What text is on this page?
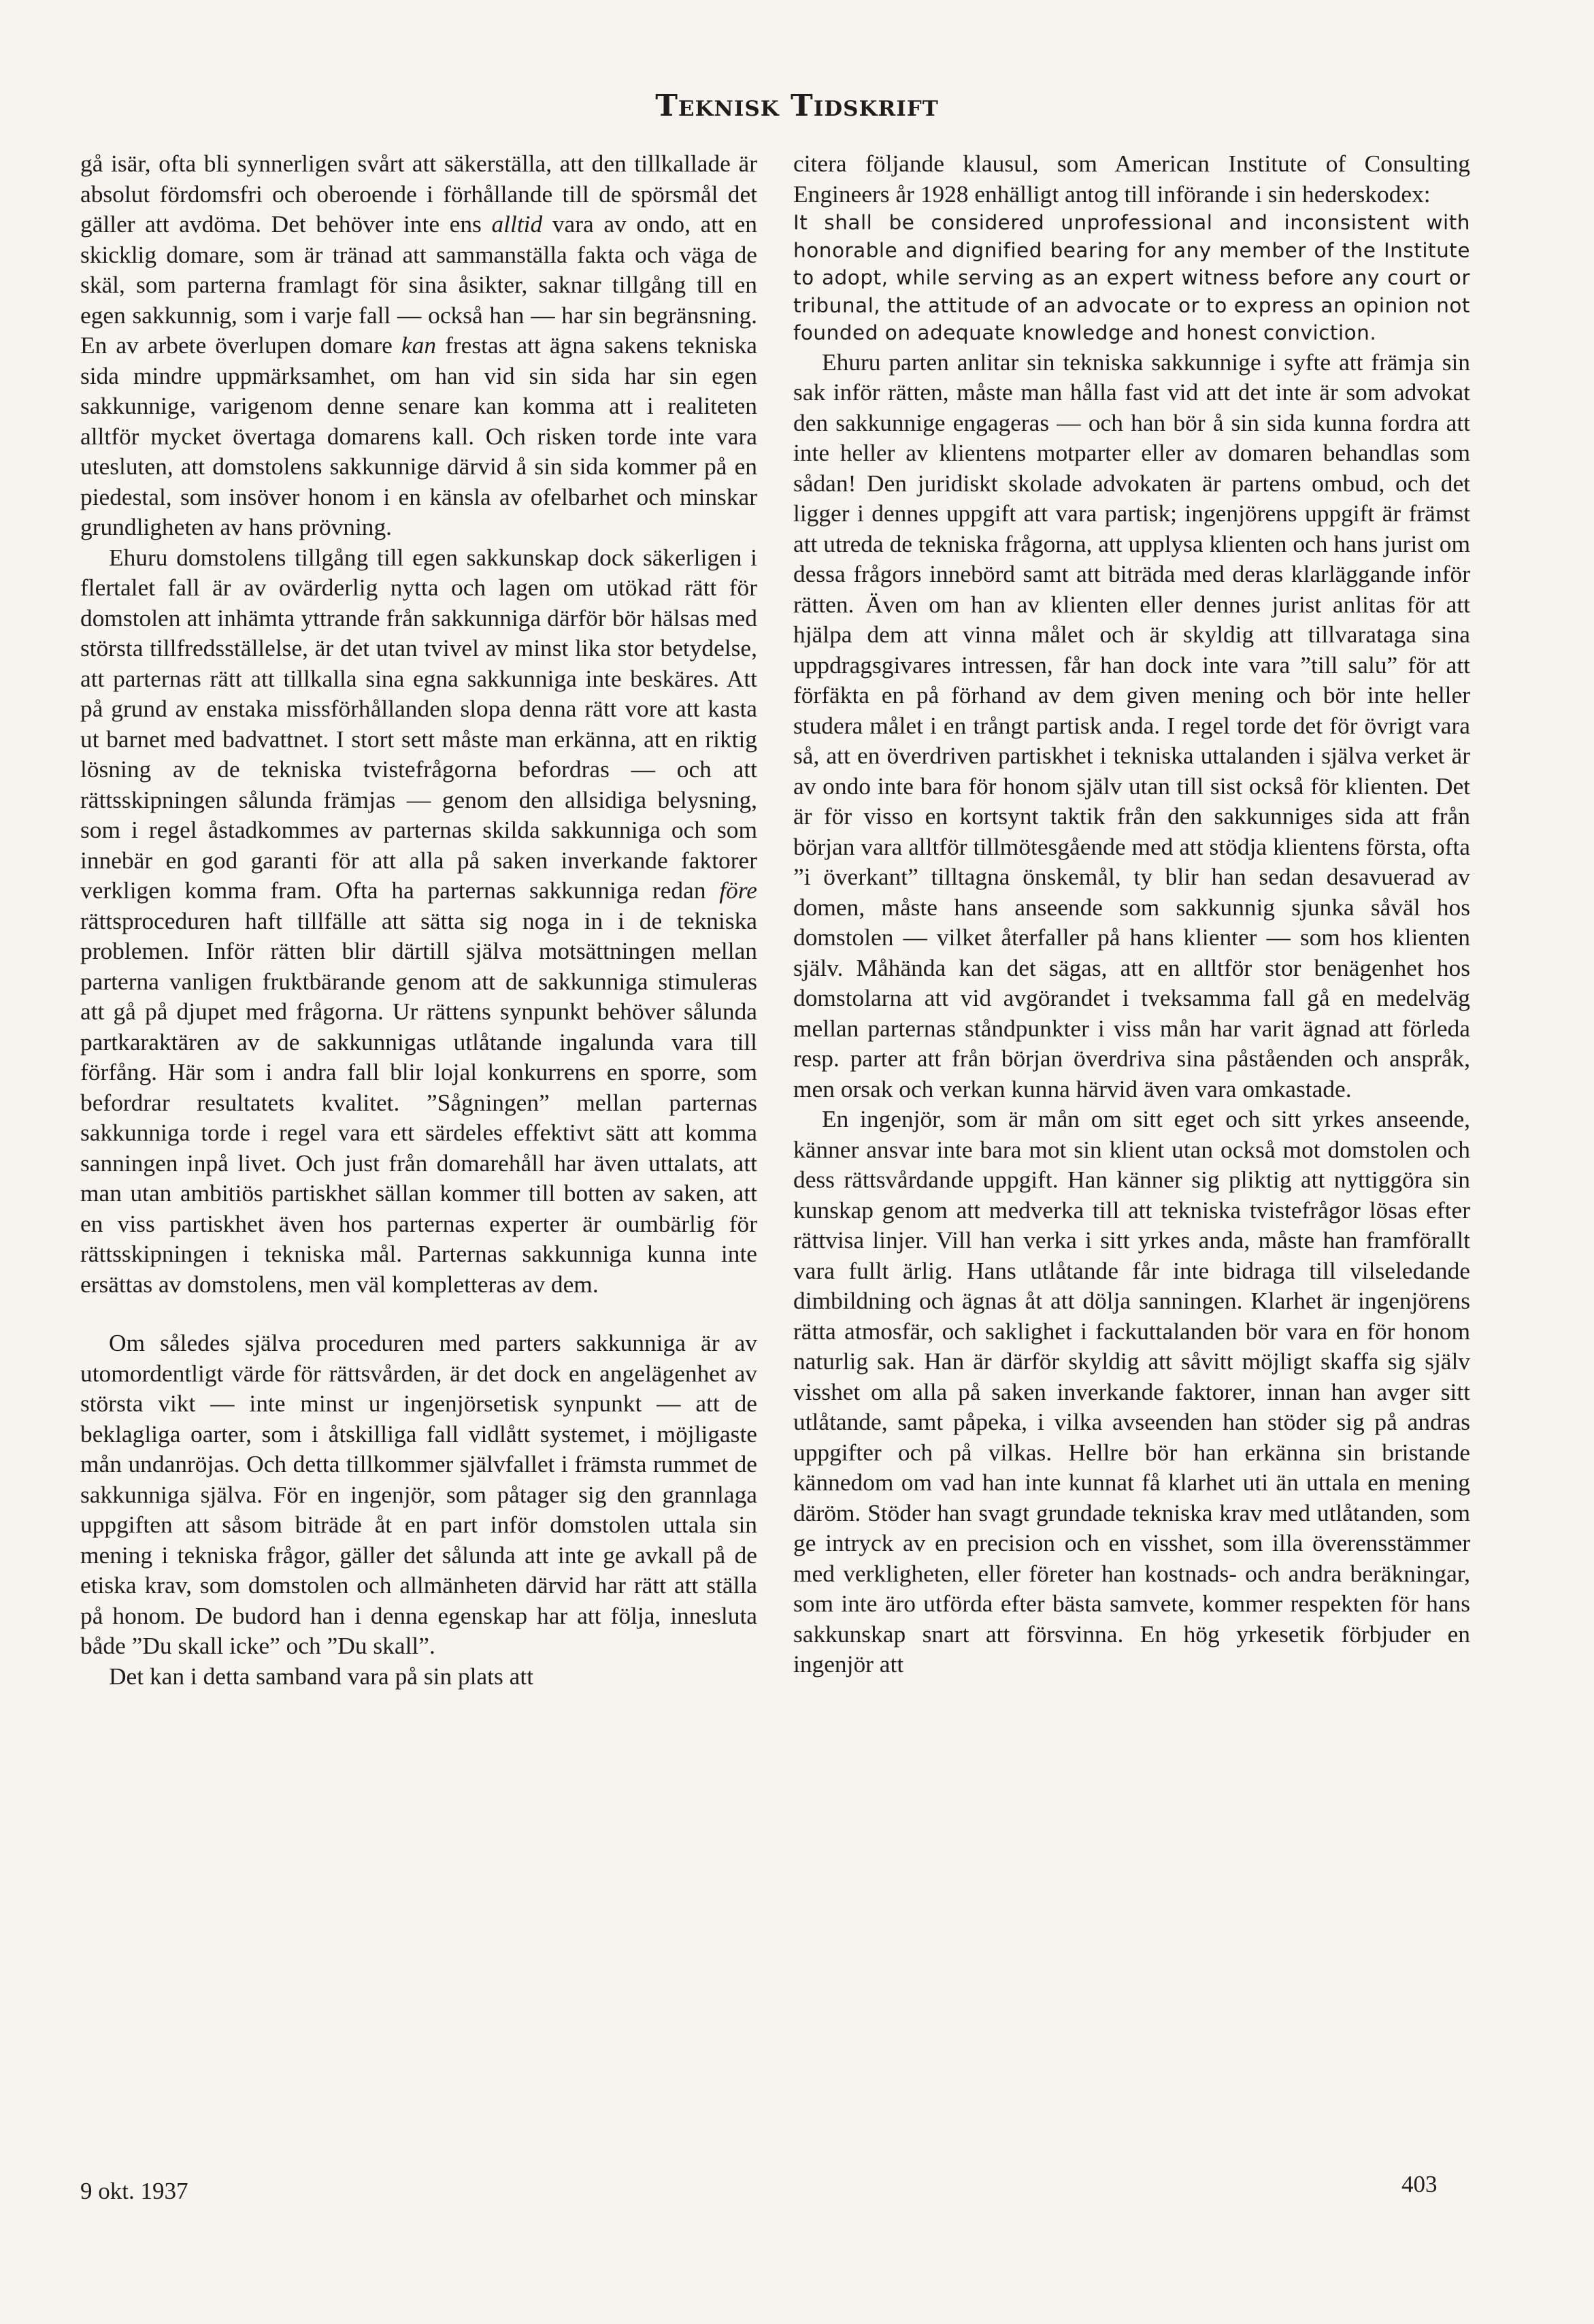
Teknisk Tidskrift

gå isär, ofta bli synnerligen svårt att säkerställa, att den tillkallade är absolut fördomsfri och oberoende i förhållande till de spörsmål det gäller att avdöma. Det behöver inte ens alltid vara av ondo, att en skicklig domare, som är tränad att sammanställa fakta och väga de skäl, som parterna framlagt för sina åsikter, saknar tillgång till en egen sakkunnig, som i varje fall — också han — har sin begränsning. En av arbete överlupen domare kan frestas att ägna sakens tekniska sida mindre uppmärksamhet, om han vid sin sida har sin egen sakkunnige, varigenom denne senare kan komma att i realiteten alltför mycket övertaga domarens kall. Och risken torde inte vara utesluten, att domstolens sakkunnige därvid å sin sida kommer på en piedestal, som insöver honom i en känsla av ofelbarhet och minskar grundligheten av hans prövning.

Ehuru domstolens tillgång till egen sakkunskap dock säkerligen i flertalet fall är av ovärderlig nytta och lagen om utökad rätt för domstolen att inhämta yttrande från sakkunniga därför bör hälsas med största tillfredsställelse, är det utan tvivel av minst lika stor betydelse, att parternas rätt att tillkalla sina egna sakkunniga inte beskäres. Att på grund av enstaka missförhållanden slopa denna rätt vore att kasta ut barnet med badvattnet. I stort sett måste man erkänna, att en riktig lösning av de tekniska tvistefrågorna befordras — och att rättsskipningen sålunda främjas — genom den allsidiga belysning, som i regel åstadkommes av parternas skilda sakkunniga och som innebär en god garanti för att alla på saken inverkande faktorer verkligen komma fram. Ofta ha parternas sakkunniga redan före rättsproceduren haft tillfälle att sätta sig noga in i de tekniska problemen. Inför rätten blir därtill själva motsättningen mellan parterna vanligen fruktbärande genom att de sakkunniga stimuleras att gå på djupet med frågorna. Ur rättens synpunkt behöver sålunda partkaraktären av de sakkunnigas utlåtande ingalunda vara till förfång. Här som i andra fall blir lojal konkurrens en sporre, som befordrar resultatets kvalitet. ”Sågningen” mellan parternas sakkunniga torde i regel vara ett särdeles effektivt sätt att komma sanningen inpå livet. Och just från domarehåll har även uttalats, att man utan ambitiös partiskhet sällan kommer till botten av saken, att en viss partiskhet även hos parternas experter är oumbärlig för rättsskipningen i tekniska mål. Parternas sakkunniga kunna inte ersättas av domstolens, men väl kompletteras av dem.

Om således själva proceduren med parters sakkunniga är av utomordentligt värde för rättsvården, är det dock en angelägenhet av största vikt — inte minst ur ingenjörsetisk synpunkt — att de beklagliga oarter, som i åtskilliga fall vidlått systemet, i möjligaste mån undanröjas. Och detta tillkommer självfallet i främsta rummet de sakkunniga själva. För en ingenjör, som påtager sig den grannlaga uppgiften att såsom biträde åt en part inför domstolen uttala sin mening i tekniska frågor, gäller det sålunda att inte ge avkall på de etiska krav, som domstolen och allmänheten därvid har rätt att ställa på honom. De budord han i denna egenskap har att följa, innesluta både ”Du skall icke” och ”Du skall”.

Det kan i detta samband vara på sin plats att

citera följande klausul, som American Institute of Consulting Engineers år 1928 enhälligt antog till införande i sin hederskodex:

It shall be considered unprofessional and inconsistent with honorable and dignified bearing for any member of the Institute to adopt, while serving as an expert witness before any court or tribunal, the attitude of an advocate or to express an opinion not founded on adequate knowledge and honest conviction.

Ehuru parten anlitar sin tekniska sakkunnige i syfte att främja sin sak inför rätten, måste man hålla fast vid att det inte är som advokat den sakkunnige engageras — och han bör å sin sida kunna fordra att inte heller av klientens motparter eller av domaren behandlas som sådan! Den juridiskt skolade advokaten är partens ombud, och det ligger i dennes uppgift att vara partisk; ingenjörens uppgift är främst att utreda de tekniska frågorna, att upplysa klienten och hans jurist om dessa frågors innebörd samt att biträda med deras klarläggande inför rätten. Även om han av klienten eller dennes jurist anlitas för att hjälpa dem att vinna målet och är skyldig att tillvarataga sina uppdragsgivares intressen, får han dock inte vara ”till salu” för att förfäkta en på förhand av dem given mening och bör inte heller studera målet i en trångt partisk anda. I regel torde det för övrigt vara så, att en överdriven partiskhet i tekniska uttalanden i själva verket är av ondo inte bara för honom själv utan till sist också för klienten. Det är för visso en kortsynt taktik från den sakkunniges sida att från början vara alltför tillmötesgående med att stödja klientens första, ofta ”i överkant” tilltagna önskemål, ty blir han sedan desavuerad av domen, måste hans anseende som sakkunnig sjunka såväl hos domstolen — vilket återfaller på hans klienter — som hos klienten själv. Måhända kan det sägas, att en alltför stor benägenhet hos domstolarna att vid avgörandet i tveksamma fall gå en medelväg mellan parternas ståndpunkter i viss mån har varit ägnad att förleda resp. parter att från början överdriva sina påståenden och anspråk, men orsak och verkan kunna härvid även vara omkastade.

En ingenjör, som är mån om sitt eget och sitt yrkes anseende, känner ansvar inte bara mot sin klient utan också mot domstolen och dess rättsvårdande uppgift. Han känner sig pliktig att nyttiggöra sin kunskap genom att medverka till att tekniska tvistefrågor lösas efter rättvisa linjer. Vill han verka i sitt yrkes anda, måste han framförallt vara fullt ärlig. Hans utlåtande får inte bidraga till vilseledande dimbildning och ägnas åt att dölja sanningen. Klarhet är ingenjörens rätta atmosfär, och saklighet i fackuttalanden bör vara en för honom naturlig sak. Han är därför skyldig att såvitt möjligt skaffa sig själv visshet om alla på saken inverkande faktorer, innan han avger sitt utlåtande, samt påpeka, i vilka avseenden han stöder sig på andras uppgifter och på vilkas. Hellre bör han erkänna sin bristande kännedom om vad han inte kunnat få klarhet uti än uttala en mening däröm. Stöder han svagt grundade tekniska krav med utlåtanden, som ge intryck av en precision och en visshet, som illa överensstämmer med verkligheten, eller företer han kostnads- och andra beräkningar, som inte äro utförda efter bästa samvete, kommer respekten för hans sakkunskap snart att försvinna. En hög yrkesetik förbjuder en ingenjör att

9 okt. 1937	403
